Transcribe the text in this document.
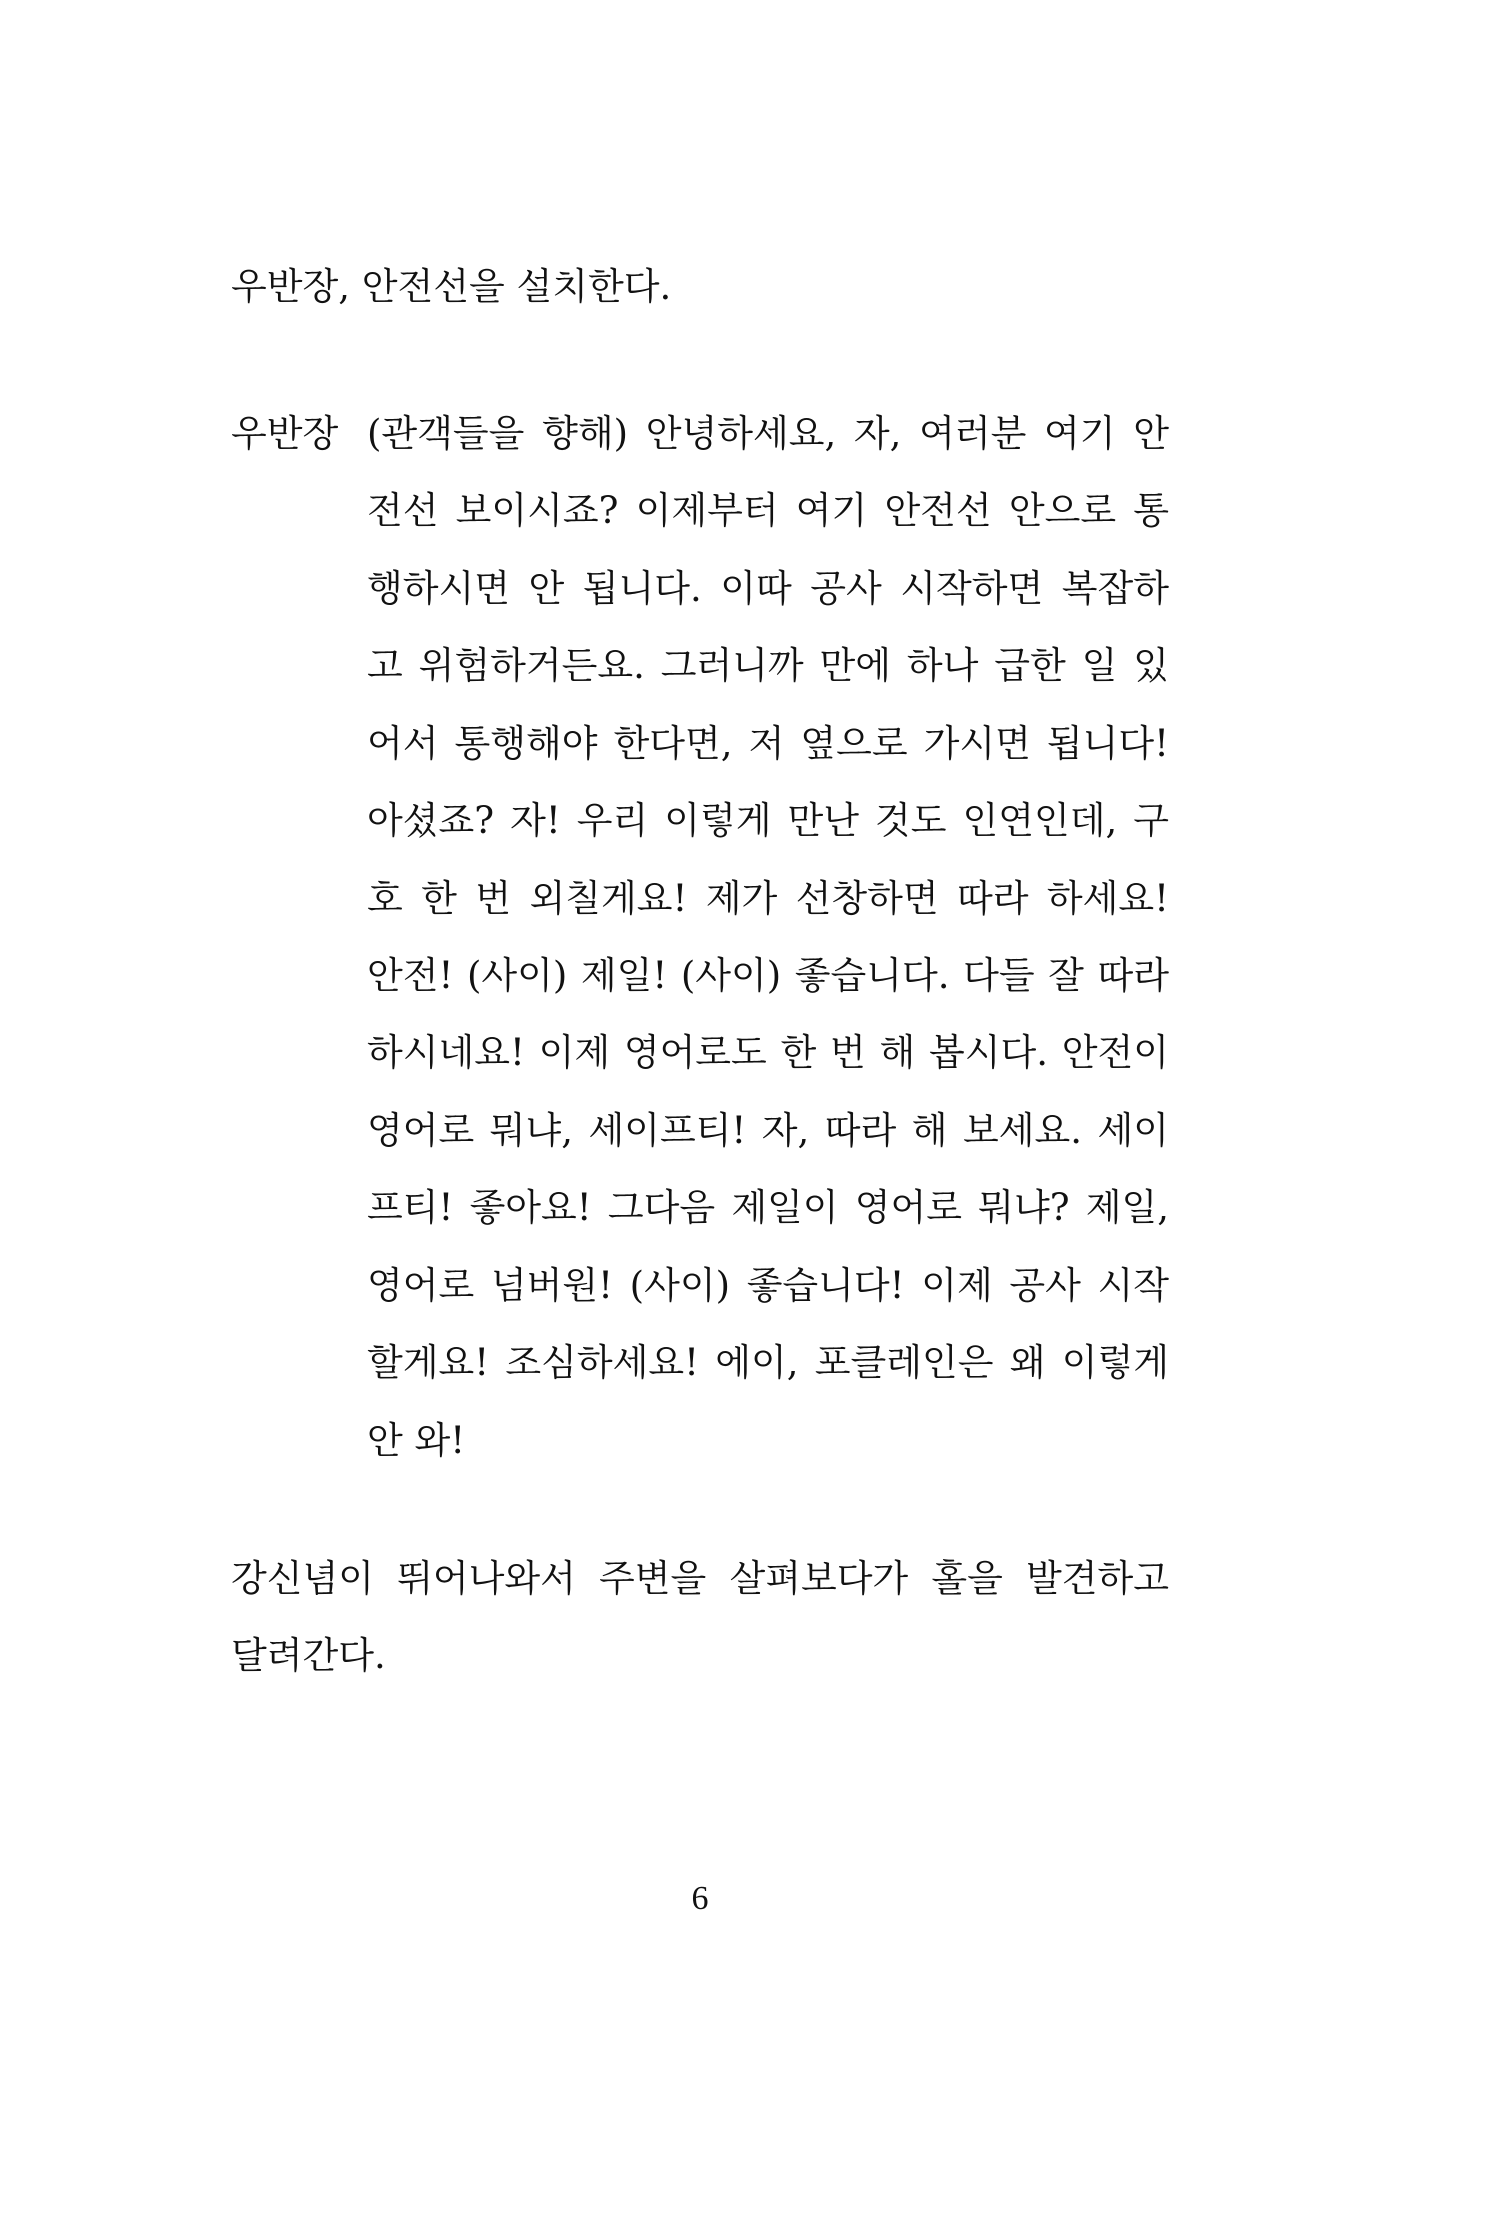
우반장, 안전선을 설치한다.
우반장 (관객들을 향해) 안녕하세요, 자, 여러분 여기 안
전선 보이시죠? 이제부터 여기 안전선 안으로 통
행하시면 안 됩니다. 이따 공사 시작하면 복잡하
고 위험하거든요. 그러니까 만에 하나 급한 일 있
어서 통행해야 한다면, 저 옆으로 가시면 됩니다!
아셨죠? 자! 우리 이렇게 만난 것도 인연인데, 구
호 한 번 외칠게요! 제가 선창하면 따라 하세요!
안전! (사이) 제일! (사이) 좋습니다. 다들 잘 따라
하시네요! 이제 영어로도 한 번 해 봅시다. 안전이
영어로 뭐냐, 세이프티! 자, 따라 해 보세요. 세이
프티! 좋아요! 그다음 제일이 영어로 뭐냐? 제일,
영어로 넘버원! (사이) 좋습니다! 이제 공사 시작
할게요! 조심하세요! 에이, 포클레인은 왜 이렇게
안 와!
강신념이 뛰어나와서 주변을 살펴보다가 홀을 발견하고
달려간다.
6
